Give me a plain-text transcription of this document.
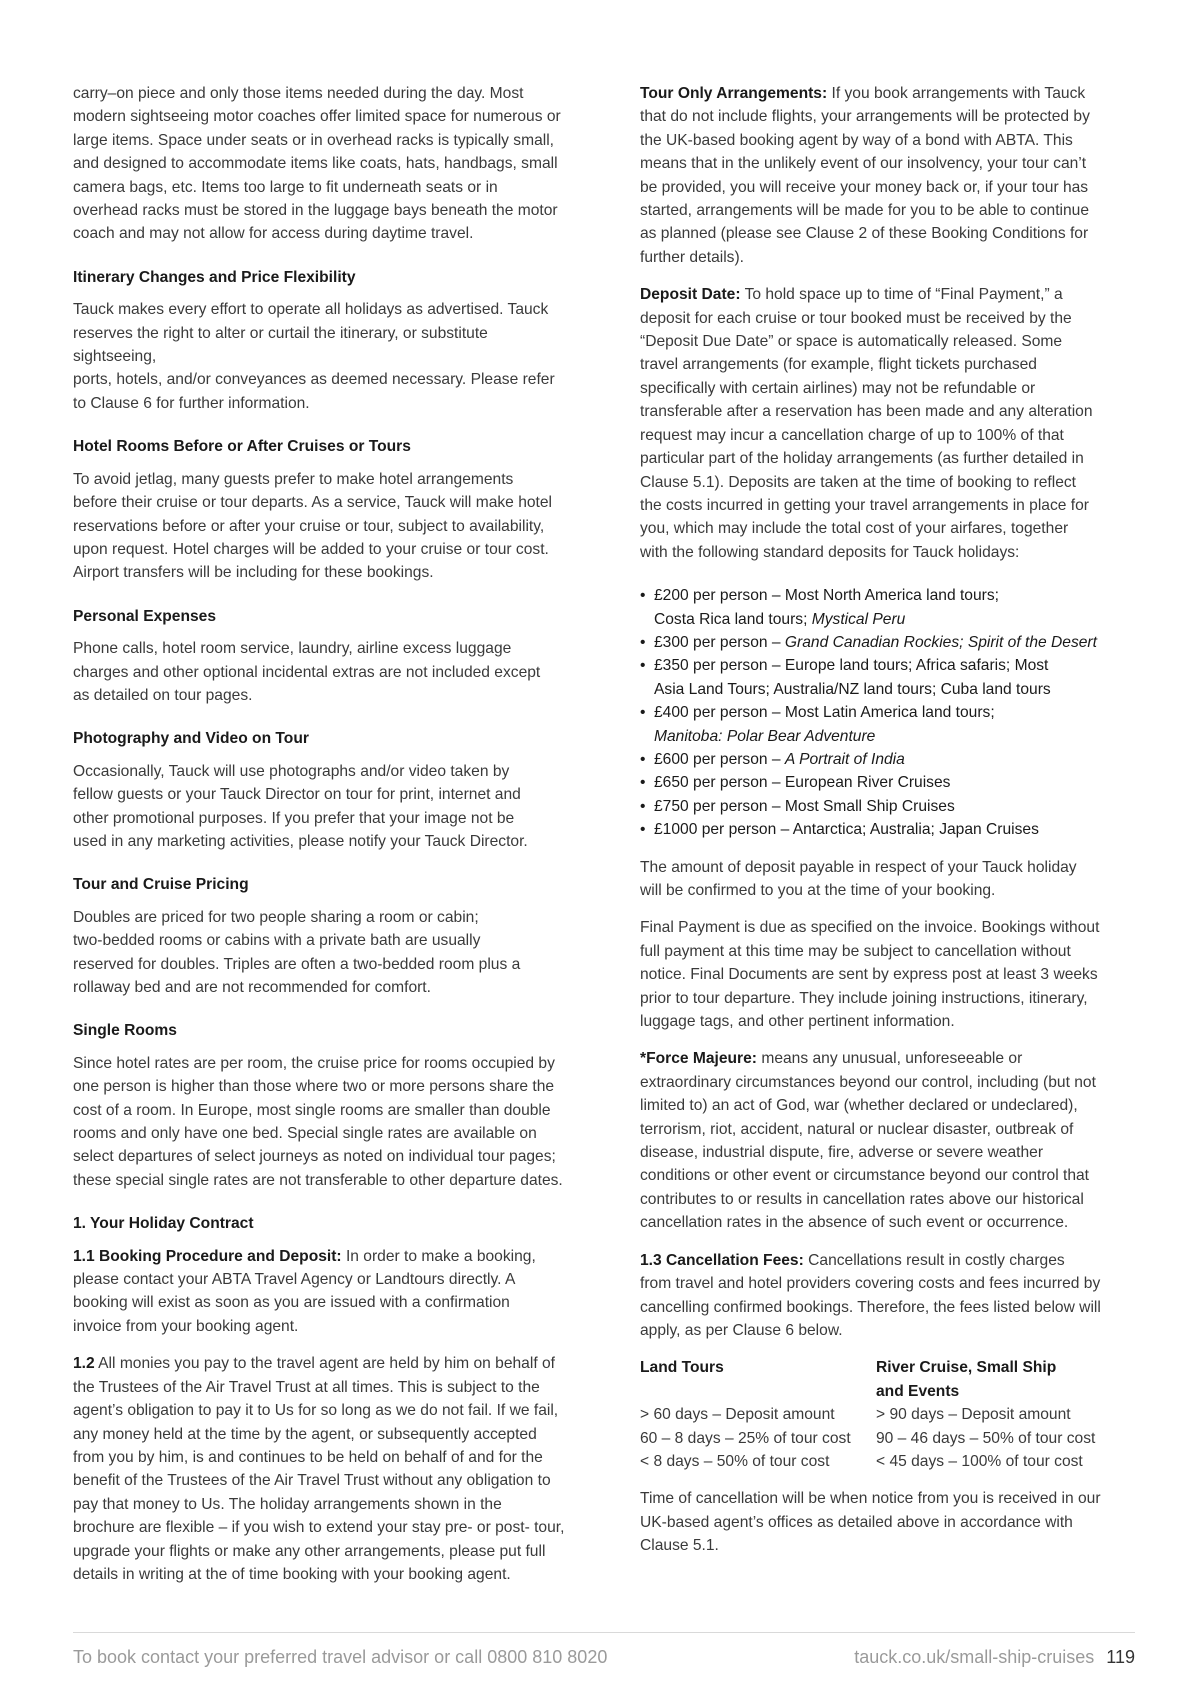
carry–on piece and only those items needed during the day. Most

modern sightseeing motor coaches offer limited space for numerous or

large items. Space under seats or in overhead racks is typically small,

and designed to accommodate items like coats, hats, handbags, small

camera bags, etc. Items too large to fit underneath seats or in

overhead racks must be stored in the luggage bays beneath the motor

coach and may not allow for access during daytime travel.

Itinerary Changes and Price Flexibility

Tauck makes every effort to operate all holidays as advertised. Tauck

reserves the right to alter or curtail the itinerary, or substitute sightseeing,

ports, hotels, and/or conveyances as deemed necessary. Please refer

to Clause 6 for further information.

Hotel Rooms Before or After Cruises or Tours

To avoid jetlag, many guests prefer to make hotel arrangements

before their cruise or tour departs. As a service, Tauck will make hotel

reservations before or after your cruise or tour, subject to availability,

upon request. Hotel charges will be added to your cruise or tour cost.

Airport transfers will be including for these bookings.

Personal Expenses

Phone calls, hotel room service, laundry, airline excess luggage

charges and other optional incidental extras are not included except

as detailed on tour pages.

Photography and Video on Tour

Occasionally, Tauck will use photographs and/or video taken by

fellow guests or your Tauck Director on tour for print, internet and

other promotional purposes. If you prefer that your image not be

used in any marketing activities, please notify your Tauck Director.

Tour and Cruise Pricing

Doubles are priced for two people sharing a room or cabin;

two-bedded rooms or cabins with a private bath are usually

reserved for doubles. Triples are often a two-bedded room plus a

rollaway bed and are not recommended for comfort.

Single Rooms

Since hotel rates are per room, the cruise price for rooms occupied by

one person is higher than those where two or more persons share the

cost of a room. In Europe, most single rooms are smaller than double

rooms and only have one bed. Special single rates are available on

select departures of select journeys as noted on individual tour pages;

these special single rates are not transferable to other departure dates.

1. Your Holiday Contract

1.1 Booking Procedure and Deposit: In order to make a booking,

please contact your ABTA Travel Agency or Landtours directly. A

booking will exist as soon as you are issued with a confirmation

invoice from your booking agent.

1.2 All monies you pay to the travel agent are held by him on behalf of

the Trustees of the Air Travel Trust at all times. This is subject to the

agent’s obligation to pay it to Us for so long as we do not fail. If we fail,

any money held at the time by the agent, or subsequently accepted

from you by him, is and continues to be held on behalf of and for the

benefit of the Trustees of the Air Travel Trust without any obligation to

pay that money to Us. The holiday arrangements shown in the

brochure are flexible – if you wish to extend your stay pre- or post- tour,

upgrade your flights or make any other arrangements, please put full

details in writing at the of time booking with your booking agent.

Tour Only Arrangements: If you book arrangements with Tauck

that do not include flights, your arrangements will be protected by

the UK-based booking agent by way of a bond with ABTA. This

means that in the unlikely event of our insolvency, your tour can’t

be provided, you will receive your money back or, if your tour has

started, arrangements will be made for you to be able to continue

as planned (please see Clause 2 of these Booking Conditions for

further details).

Deposit Date: To hold space up to time of “Final Payment,” a

deposit for each cruise or tour booked must be received by the

“Deposit Due Date” or space is automatically released. Some

travel arrangements (for example, flight tickets purchased

specifically with certain airlines) may not be refundable or

transferable after a reservation has been made and any alteration

request may incur a cancellation charge of up to 100% of that

particular part of the holiday arrangements (as further detailed in

Clause 5.1). Deposits are taken at the time of booking to reflect

the costs incurred in getting your travel arrangements in place for

you, which may include the total cost of your airfares, together

with the following standard deposits for Tauck holidays:

• £200 per person – Most North America land tours;
Costa Rica land tours; Mystical Peru
• £300 per person – Grand Canadian Rockies; Spirit of the Desert
• £350 per person – Europe land tours; Africa safaris; Most
Asia Land Tours; Australia/NZ land tours; Cuba land tours
• £400 per person – Most Latin America land tours;
Manitoba: Polar Bear Adventure
• £600 per person – A Portrait of India
• £650 per person – European River Cruises
• £750 per person – Most Small Ship Cruises
• £1000 per person – Antarctica; Australia; Japan Cruises

The amount of deposit payable in respect of your Tauck holiday

will be confirmed to you at the time of your booking.

Final Payment is due as specified on the invoice. Bookings without

full payment at this time may be subject to cancellation without

notice. Final Documents are sent by express post at least 3 weeks

prior to tour departure. They include joining instructions, itinerary,

luggage tags, and other pertinent information.

*Force Majeure: means any unusual, unforeseeable or

extraordinary circumstances beyond our control, including (but not

limited to) an act of God, war (whether declared or undeclared),

terrorism, riot, accident, natural or nuclear disaster, outbreak of

disease, industrial dispute, fire, adverse or severe weather

conditions or other event or circumstance beyond our control that

contributes to or results in cancellation rates above our historical

cancellation rates in the absence of such event or occurrence.

1.3 Cancellation Fees: Cancellations result in costly charges

from travel and hotel providers covering costs and fees incurred by

cancelling confirmed bookings. Therefore, the fees listed below will

apply, as per Clause 6 below.

Land Tours
> 60 days – Deposit amount
60 – 8 days – 25% of tour cost
< 8 days – 50% of tour cost
River Cruise, Small Ship
and Events
> 90 days – Deposit amount
90 – 46 days – 50% of tour cost
< 45 days – 100% of tour cost

Time of cancellation will be when notice from you is received in our

UK-based agent’s offices as detailed above in accordance with

Clause 5.1.

To book contact your preferred travel advisor or call 0800 810 8020	tauck.co.uk/small-ship-cruises 119
